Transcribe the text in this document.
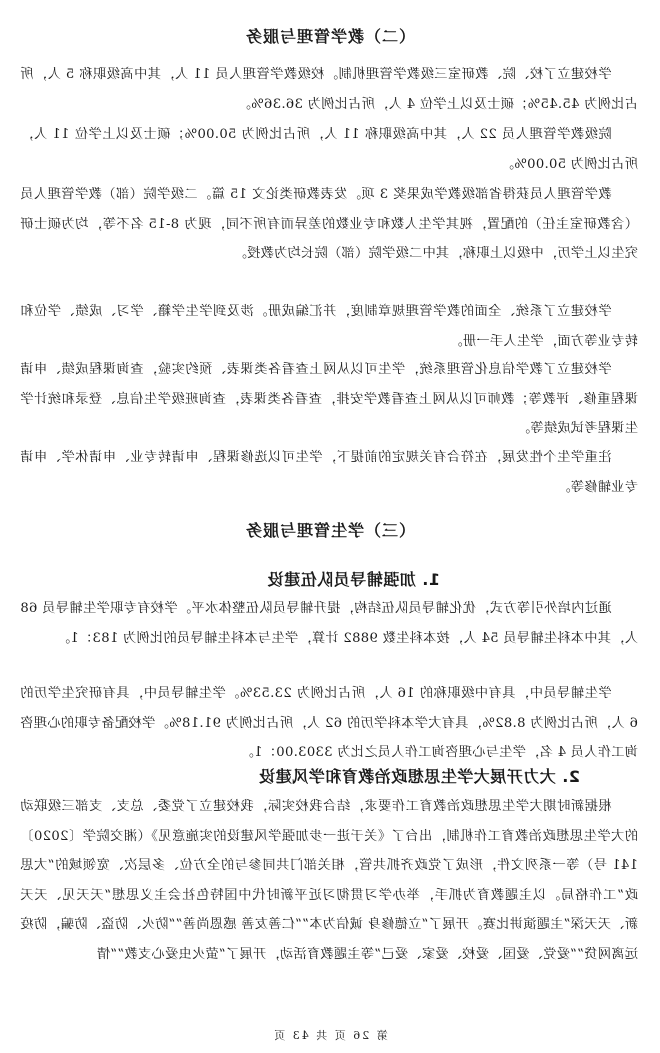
（二）教学管理与服务

学校建立了校、院、教研室三级教学管理机制。校级教学管理人员 11 人，其中高级职称 5 人，所占比例为 45.45%；硕士及以上学位 4 人，所占比例为 36.36%。

院级教学管理人员 22 人，其中高级职称 11 人，所占比例为 50.00%；硕士及以上学位 11 人，所占比例为 50.00%。

教学管理人员获得省部级教学成果奖 3 项。发表教研类论文 15 篇。二级学院（部）教学管理人员（含教研室主任）的配置，视其学生人数和专业数的差异而有所不同，现为 8-15 名不等，均为硕士研究生以上学历，中级以上职称，其中二级学院（部）院长均为教授。

学校建立了系统、全面的教学管理规章制度，并汇编成册。涉及到学生学籍、学习、成绩、学位和转专业等方面，学生人手一册。

学校建立了教学信息化管理系统，学生可以从网上查看各类课表、预约实验，查询课程成绩、申请课程重修、评教等；教师可以从网上查看教学安排，查看各类课表，查询班级学生信息、登录和统计学生课程考试成绩等。

注重学生个性发展，在符合有关规定的前提下，学生可以选修课程、申请转专业、申请休学、申请专业辅修等。

（三）学生管理与服务
1. 加强辅导员队伍建设

通过内培外引等方式，优化辅导员队伍结构，提升辅导员队伍整体水平。学校有专职学生辅导员 68 人，其中本科生辅导员 54 人，按本科生数 9882 计算，学生与本科生辅导员的比例为 183：1。

学生辅导员中，具有中级职称的 16 人，所占比例为 23.53%。学生辅导员中，具有研究生学历的 6 人，所占比例为 8.82%，具有大学本科学历的 62 人，所占比例为 91.18%。学校配备专职的心理咨询工作人员 4 名，学生与心理咨询工作人员之比为 3303.00：1。

2. 大力开展大学生思想政治教育和学风建设

根据新时期大学生思想政治教育工作要求，结合我校实际，我校建立了党委、总支、支部三级联动的大学生思想政治教育工作机制，出台了《关于进一步加强学风建设的实施意见》（湘交院学〔2020〕141 号）等一系列文件，形成了党政齐抓共管，相关部门共同参与的全方位、多层次、宽领域的“大思政”工作格局。以主题教育为抓手，举办学习贯彻习近平新时代中国特色社会主义思想“天天见、天天新、天天深”主题演讲比赛。开展了“立德修身 诚信为本”“仁善友善 感恩尚善”“防火、防盗、防骗，防疫远离网贷”“爱党、爱国、爱校、爱家、爱己”等主题教育活动，开展了“萤火虫爱心支教”“情

第 26 页 共 43 页
